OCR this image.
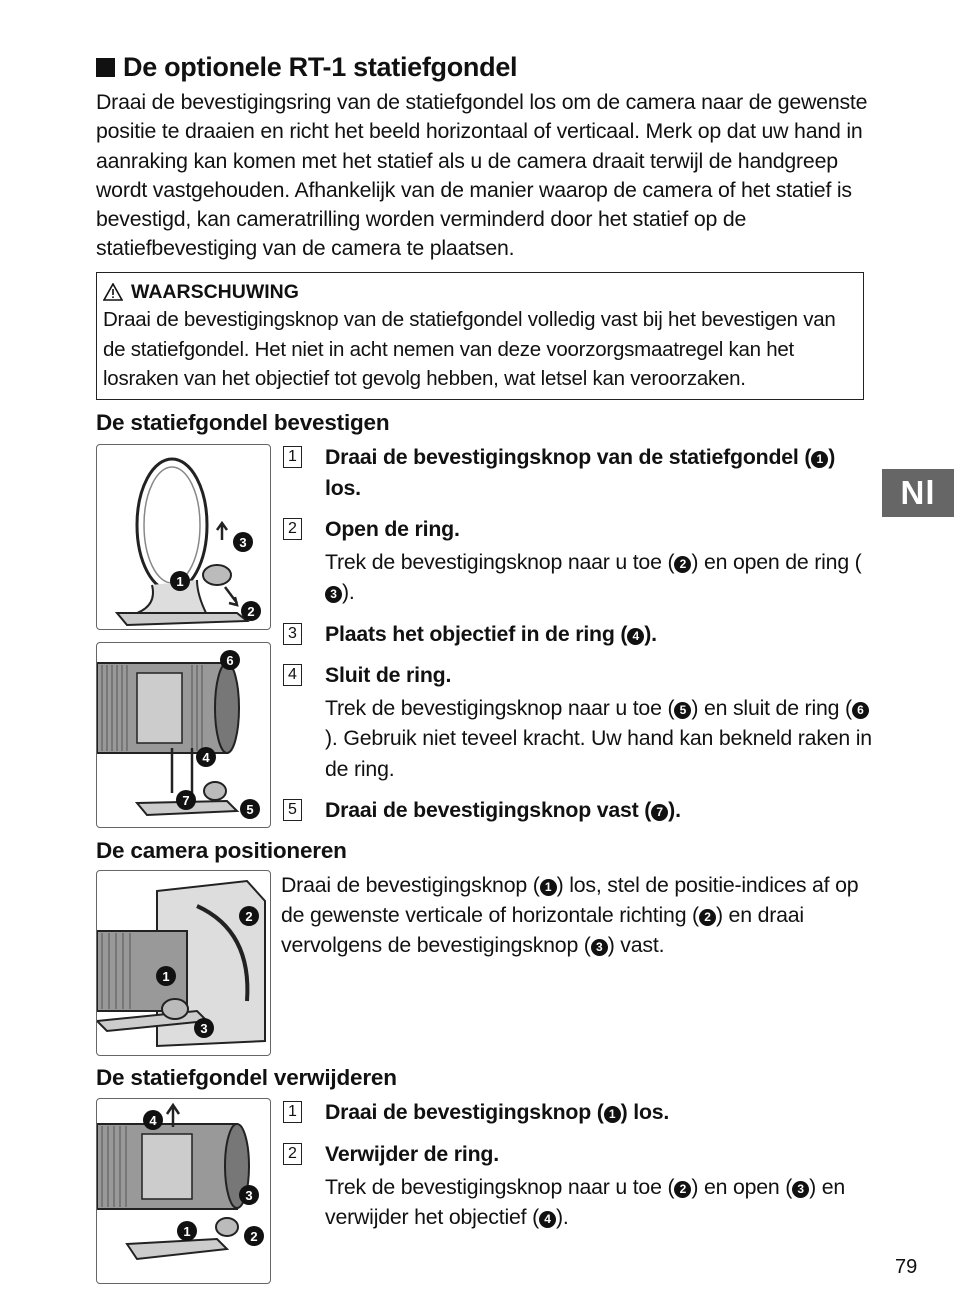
De optionele RT-1 statiefgondel

Draai de bevestigingsring van de statiefgondel los om de camera naar de gewenste positie te draaien en richt het beeld horizontaal of verticaal. Merk op dat uw hand in aanraking kan komen met het statief als u de camera draait terwijl de handgreep wordt vastgehouden. Afhankelijk van de manier waarop de camera of het statief is bevestigd, kan cameratrilling worden verminderd door het statief op de statiefbevestiging van de camera te plaatsen.

WAARSCHUWING

Draai de bevestigingsknop van de statiefgondel volledig vast bij het bevestigen van de statiefgondel. Het niet in acht nemen van deze voorzorgsmaatregel kan het losraken van het objectief tot gevolg hebben, wat letsel kan veroorzaken.

De statiefgondel bevestigen
3
1
2
6
4
7
5
1 Draai de bevestigingsknop van de statiefgondel ( 1 ) los.
2 Open de ring.
Trek de bevestigingsknop naar u toe ( 2 ) en open de ring (3 ).
3 Plaats het objectief in de ring ( 4 ).
4 Sluit de ring.
Trek de bevestigingsknop naar u toe ( 5 ) en sluit de ring ( 6). Gebruik niet teveel kracht. Uw hand kan bekneld raken in de ring.
5 Draai de bevestigingsknop vast ( 7 ).
De camera positioneren
2
1
3

Draai de bevestigingsknop ( 1 ) los, stel de positie-indices af op de gewenste verticale of horizontale richting ( 2 ) en draai vervolgens de bevestigingsknop ( 3 ) vast.

De statiefgondel verwijderen
4
3
1	2
1 Draai de bevestigingsknop ( 1 ) los.
2 Verwijder de ring.
Trek de bevestigingsknop naar u toe ( 2 ) en open ( 3 ) en verwijder het objectief ( 4 ).
Nl
79
